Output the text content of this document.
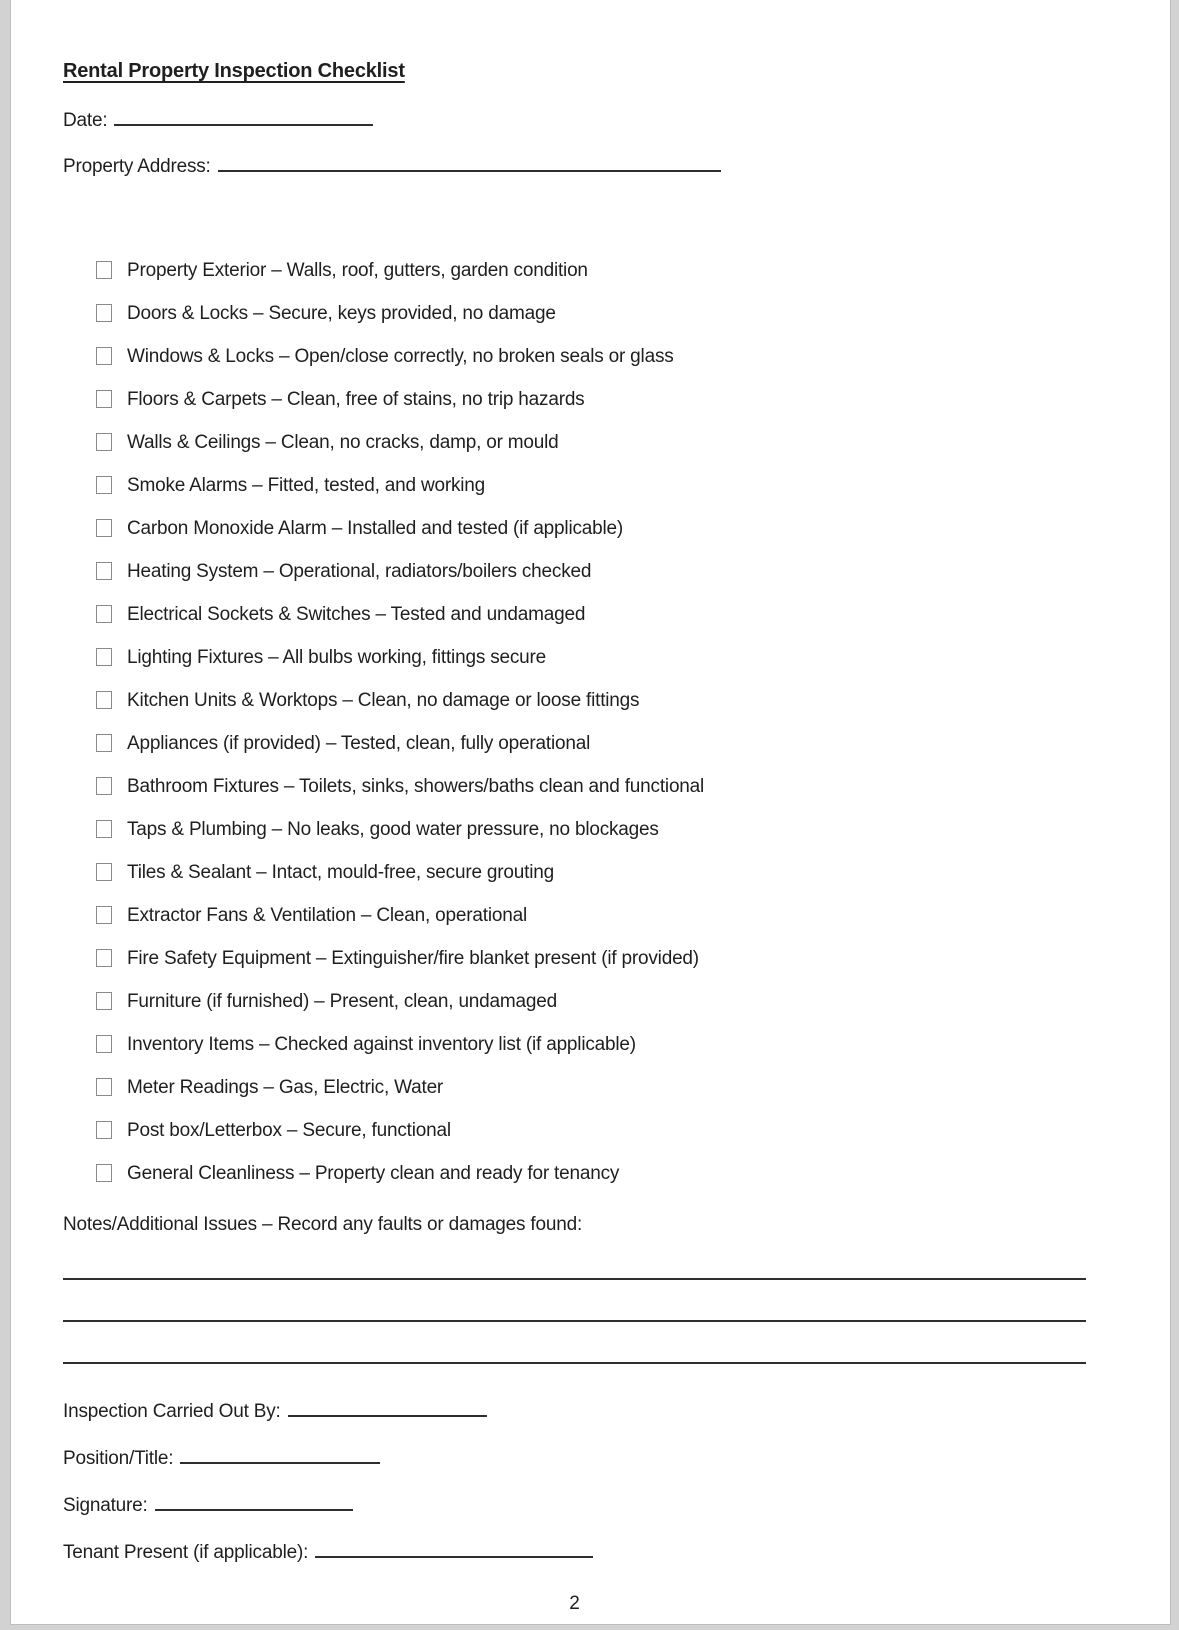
Rental Property Inspection Checklist
Date:
Property Address:
Property Exterior – Walls, roof, gutters, garden condition
Doors & Locks – Secure, keys provided, no damage
Windows & Locks – Open/close correctly, no broken seals or glass
Floors & Carpets – Clean, free of stains, no trip hazards
Walls & Ceilings – Clean, no cracks, damp, or mould
Smoke Alarms – Fitted, tested, and working
Carbon Monoxide Alarm – Installed and tested (if applicable)
Heating System – Operational, radiators/boilers checked
Electrical Sockets & Switches – Tested and undamaged
Lighting Fixtures – All bulbs working, fittings secure
Kitchen Units & Worktops – Clean, no damage or loose fittings
Appliances (if provided) – Tested, clean, fully operational
Bathroom Fixtures – Toilets, sinks, showers/baths clean and functional
Taps & Plumbing – No leaks, good water pressure, no blockages
Tiles & Sealant – Intact, mould-free, secure grouting
Extractor Fans & Ventilation – Clean, operational
Fire Safety Equipment – Extinguisher/fire blanket present (if provided)
Furniture (if furnished) – Present, clean, undamaged
Inventory Items – Checked against inventory list (if applicable)
Meter Readings – Gas, Electric, Water
Post box/Letterbox – Secure, functional
General Cleanliness – Property clean and ready for tenancy
Notes/Additional Issues – Record any faults or damages found:
Inspection Carried Out By:
Position/Title:
Signature:
Tenant Present (if applicable):
2
